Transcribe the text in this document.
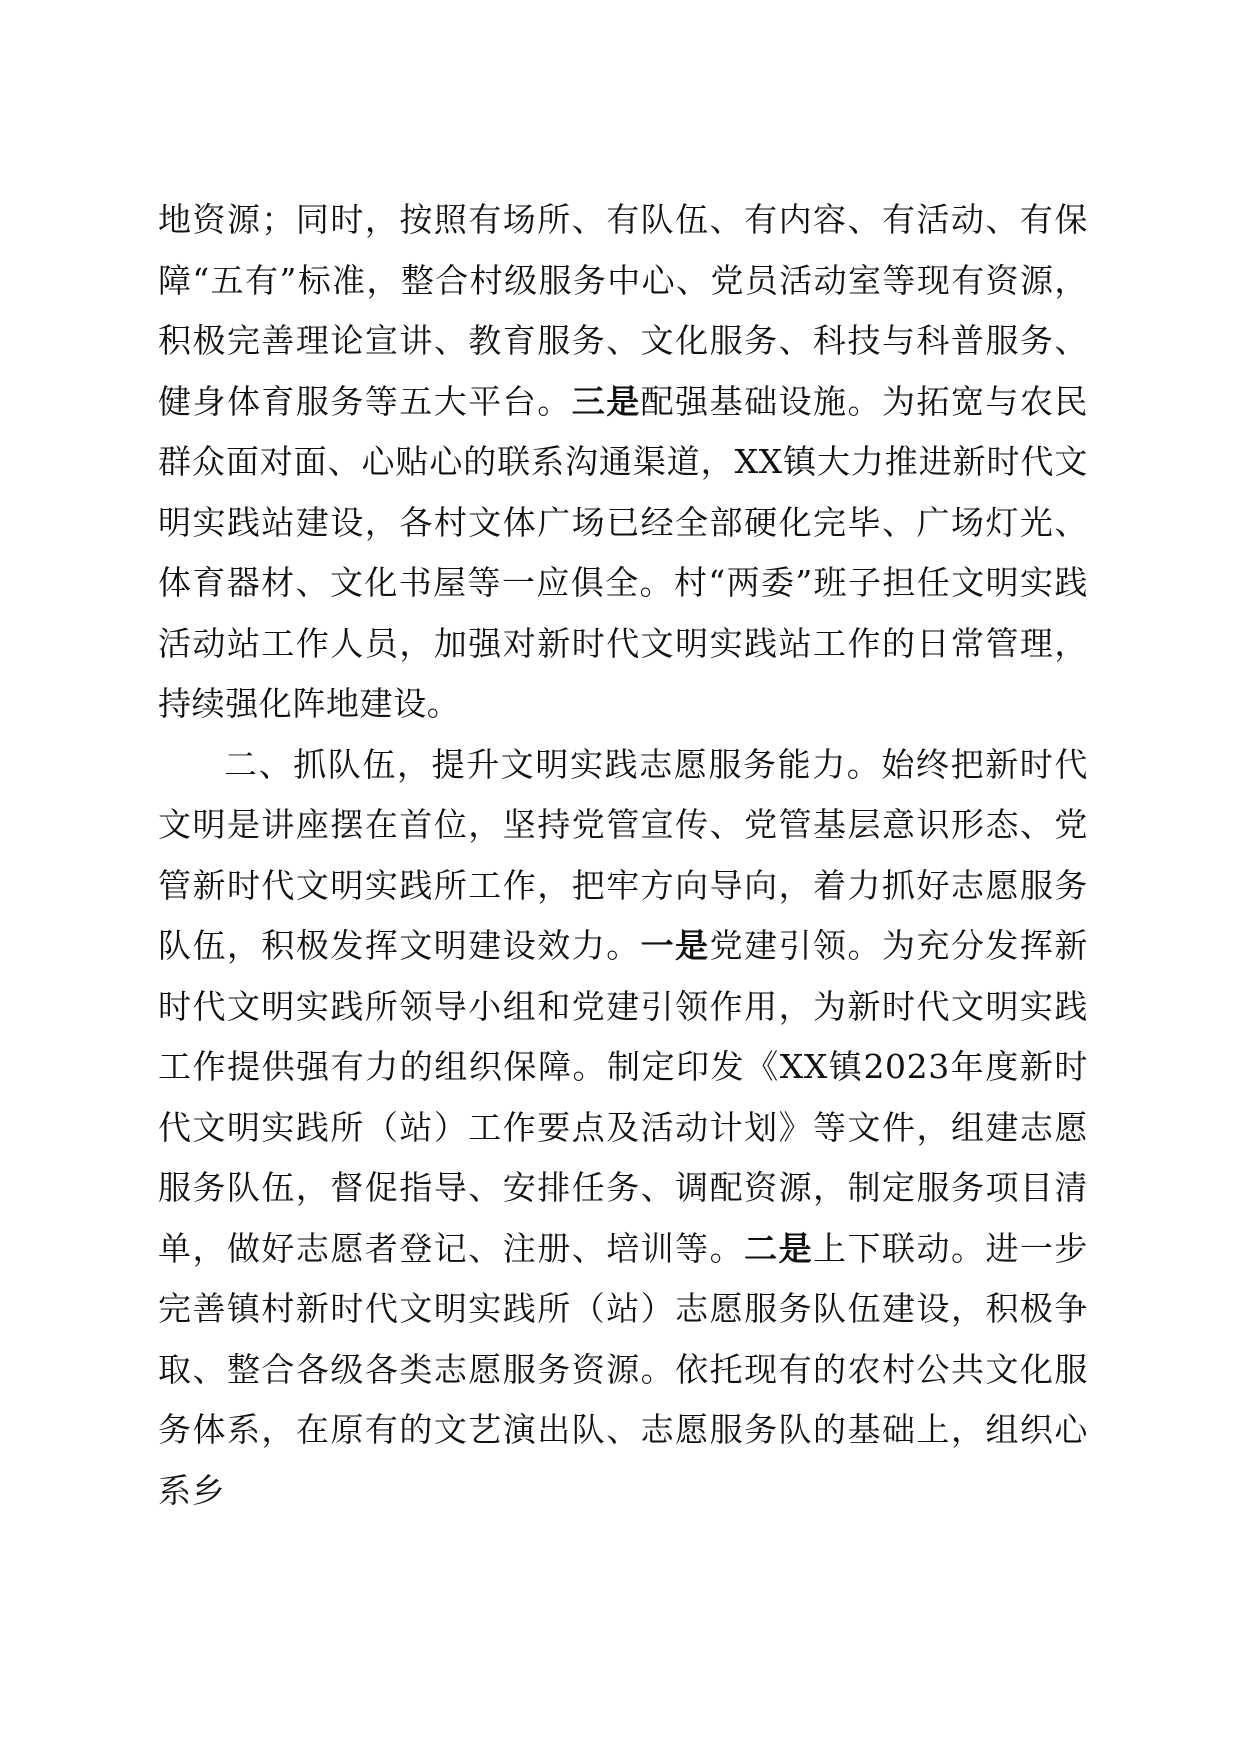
地资源；同时，按照有场所、有队伍、有内容、有活动、有保障“五有”标准，整合村级服务中心、党员活动室等现有资源，积极完善理论宣讲、教育服务、文化服务、科技与科普服务、健身体育服务等五大平台。三是配强基础设施。为拓宽与农民群众面对面、心贴心的联系沟通渠道，XX镇大力推进新时代文明实践站建设，各村文体广场已经全部硬化完毕、广场灯光、体育器材、文化书屋等一应俱全。村“两委”班子担任文明实践活动站工作人员，加强对新时代文明实践站工作的日常管理，持续强化阵地建设。

二、抓队伍，提升文明实践志愿服务能力。始终把新时代文明是讲座摆在首位，坚持党管宣传、党管基层意识形态、党管新时代文明实践所工作，把牢方向导向，着力抓好志愿服务队伍，积极发挥文明建设效力。一是党建引领。为充分发挥新时代文明实践所领导小组和党建引领作用，为新时代文明实践工作提供强有力的组织保障。制定印发《XX镇2023年度新时代文明实践所（站）工作要点及活动计划》等文件，组建志愿服务队伍，督促指导、安排任务、调配资源，制定服务项目清单，做好志愿者登记、注册、培训等。二是上下联动。进一步完善镇村新时代文明实践所（站）志愿服务队伍建设，积极争取、整合各级各类志愿服务资源。依托现有的农村公共文化服务体系，在原有的文艺演出队、志愿服务队的基础上，组织心系乡
